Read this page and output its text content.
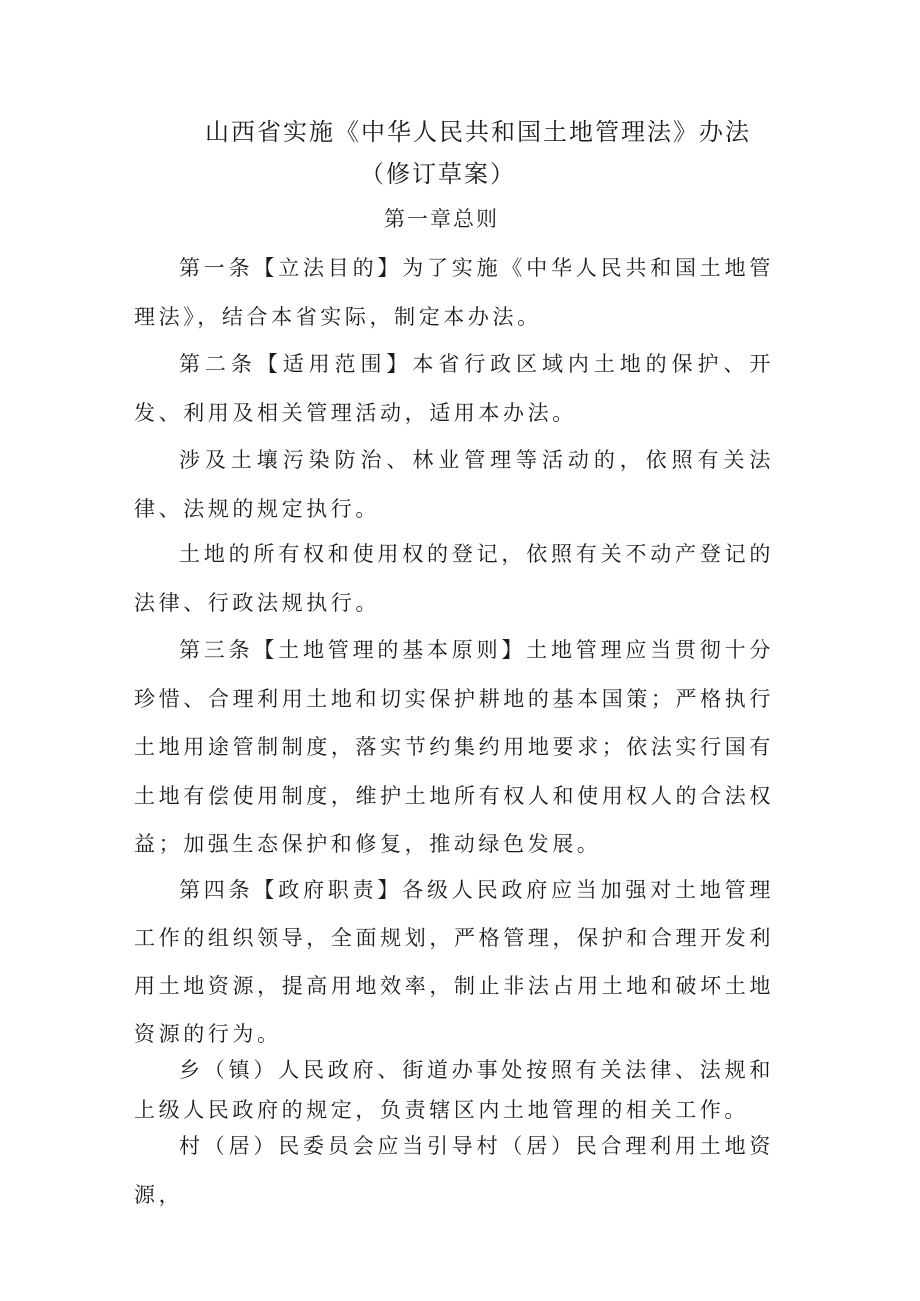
山西省实施《中华人民共和国土地管理法》办法
（修订草案）
第一章总则
第一条【立法目的】为了实施《中华人民共和国土地管理法》，结合本省实际，制定本办法。
第二条【适用范围】本省行政区域内土地的保护、开发、利用及相关管理活动，适用本办法。
涉及土壤污染防治、林业管理等活动的，依照有关法律、法规的规定执行。
土地的所有权和使用权的登记，依照有关不动产登记的法律、行政法规执行。
第三条【土地管理的基本原则】土地管理应当贯彻十分珍惜、合理利用土地和切实保护耕地的基本国策；严格执行土地用途管制制度，落实节约集约用地要求；依法实行国有土地有偿使用制度，维护土地所有权人和使用权人的合法权益；加强生态保护和修复，推动绿色发展。
第四条【政府职责】各级人民政府应当加强对土地管理工作的组织领导，全面规划，严格管理，保护和合理开发利用土地资源，提高用地效率，制止非法占用土地和破坏土地资源的行为。
乡（镇）人民政府、街道办事处按照有关法律、法规和上级人民政府的规定，负责辖区内土地管理的相关工作。
村（居）民委员会应当引导村（居）民合理利用土地资源，
